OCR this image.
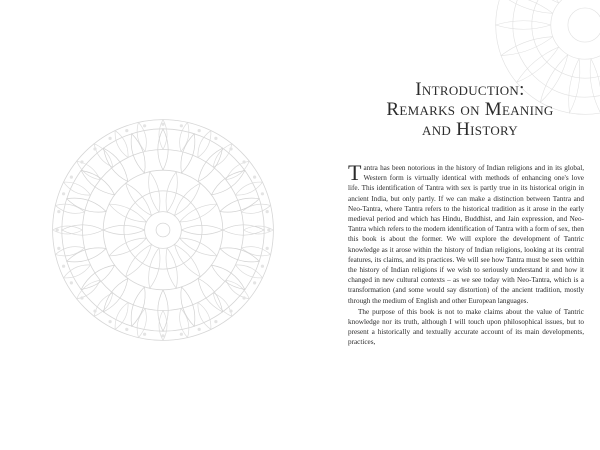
Introduction:
Remarks on Meaning
and History

Tantra has been notorious in the history of Indian religions and in its global, Western form is virtually identical with methods of enhancing one's love life. This identification of Tantra with sex is partly true in its historical origin in ancient India, but only partly. If we can make a distinction between Tantra and Neo-Tantra, where Tantra refers to the historical tradition as it arose in the early medieval period and which has Hindu, Buddhist, and Jain expression, and Neo-Tantra which refers to the modern identification of Tantra with a form of sex, then this book is about the former. We will explore the development of Tantric knowledge as it arose within the history of Indian religions, looking at its central features, its claims, and its practices. We will see how Tantra must be seen within the history of Indian religions if we wish to seriously understand it and how it changed in new cultural contexts – as we see today with Neo-Tantra, which is a transformation (and some would say distortion) of the ancient tradition, mostly through the medium of English and other European languages.

The purpose of this book is not to make claims about the value of Tantric knowledge nor its truth, although I will touch upon philosophical issues, but to present a historically and textually accurate account of its main developments, practices,
